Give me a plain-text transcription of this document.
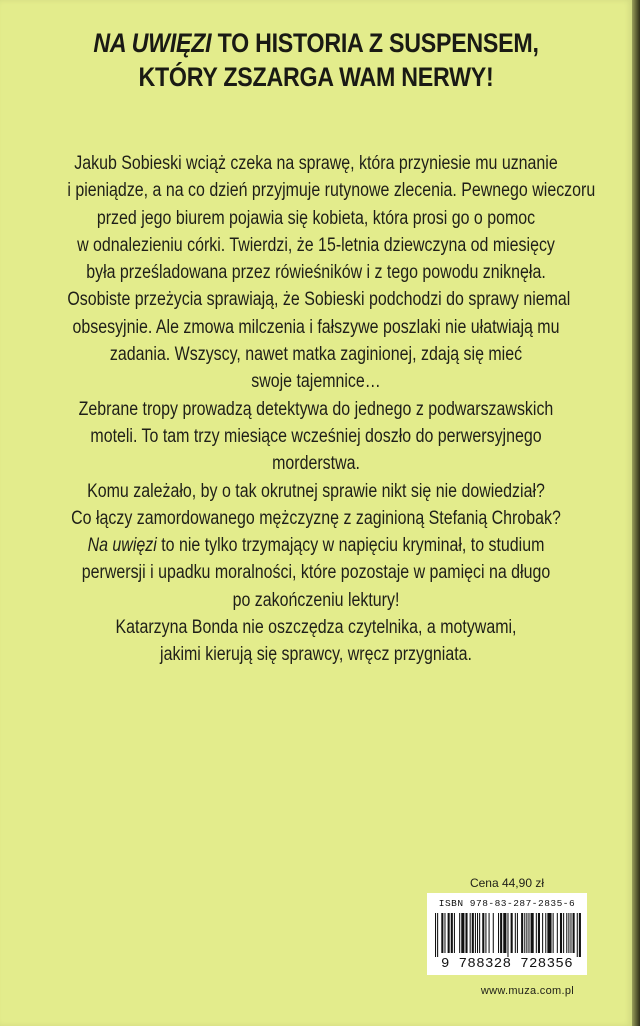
NA UWIĘZI TO HISTORIA Z SUSPENSEM,
KTÓRY ZSZARGA WAM NERWY!
Jakub Sobieski wciąż czeka na sprawę, która przyniesie mu uznanie
i pieniądze, a na co dzień przyjmuje rutynowe zlecenia. Pewnego wieczoru
przed jego biurem pojawia się kobieta, która prosi go o pomoc
w odnalezieniu córki. Twierdzi, że 15-letnia dziewczyna od miesięcy
była prześladowana przez rówieśników i z tego powodu zniknęła.
Osobiste przeżycia sprawiają, że Sobieski podchodzi do sprawy niemal
obsesyjnie. Ale zmowa milczenia i fałszywe poszlaki nie ułatwiają mu
zadania. Wszyscy, nawet matka zaginionej, zdają się mieć
swoje tajemnice…
Zebrane tropy prowadzą detektywa do jednego z podwarszawskich
moteli. To tam trzy miesiące wcześniej doszło do perwersyjnego
morderstwa.
Komu zależało, by o tak okrutnej sprawie nikt się nie dowiedział?
Co łączy zamordowanego mężczyznę z zaginioną Stefanią Chrobak?
Na uwięzi to nie tylko trzymający w napięciu kryminał, to studium
perwersji i upadku moralności, które pozostaje w pamięci na długo
po zakończeniu lektury!
Katarzyna Bonda nie oszczędza czytelnika, a motywami,
jakimi kierują się sprawcy, wręcz przygniata.
Cena 44,90 zł
ISBN 978-83-287-2835-6
9 788328 728356
www.muza.com.pl
